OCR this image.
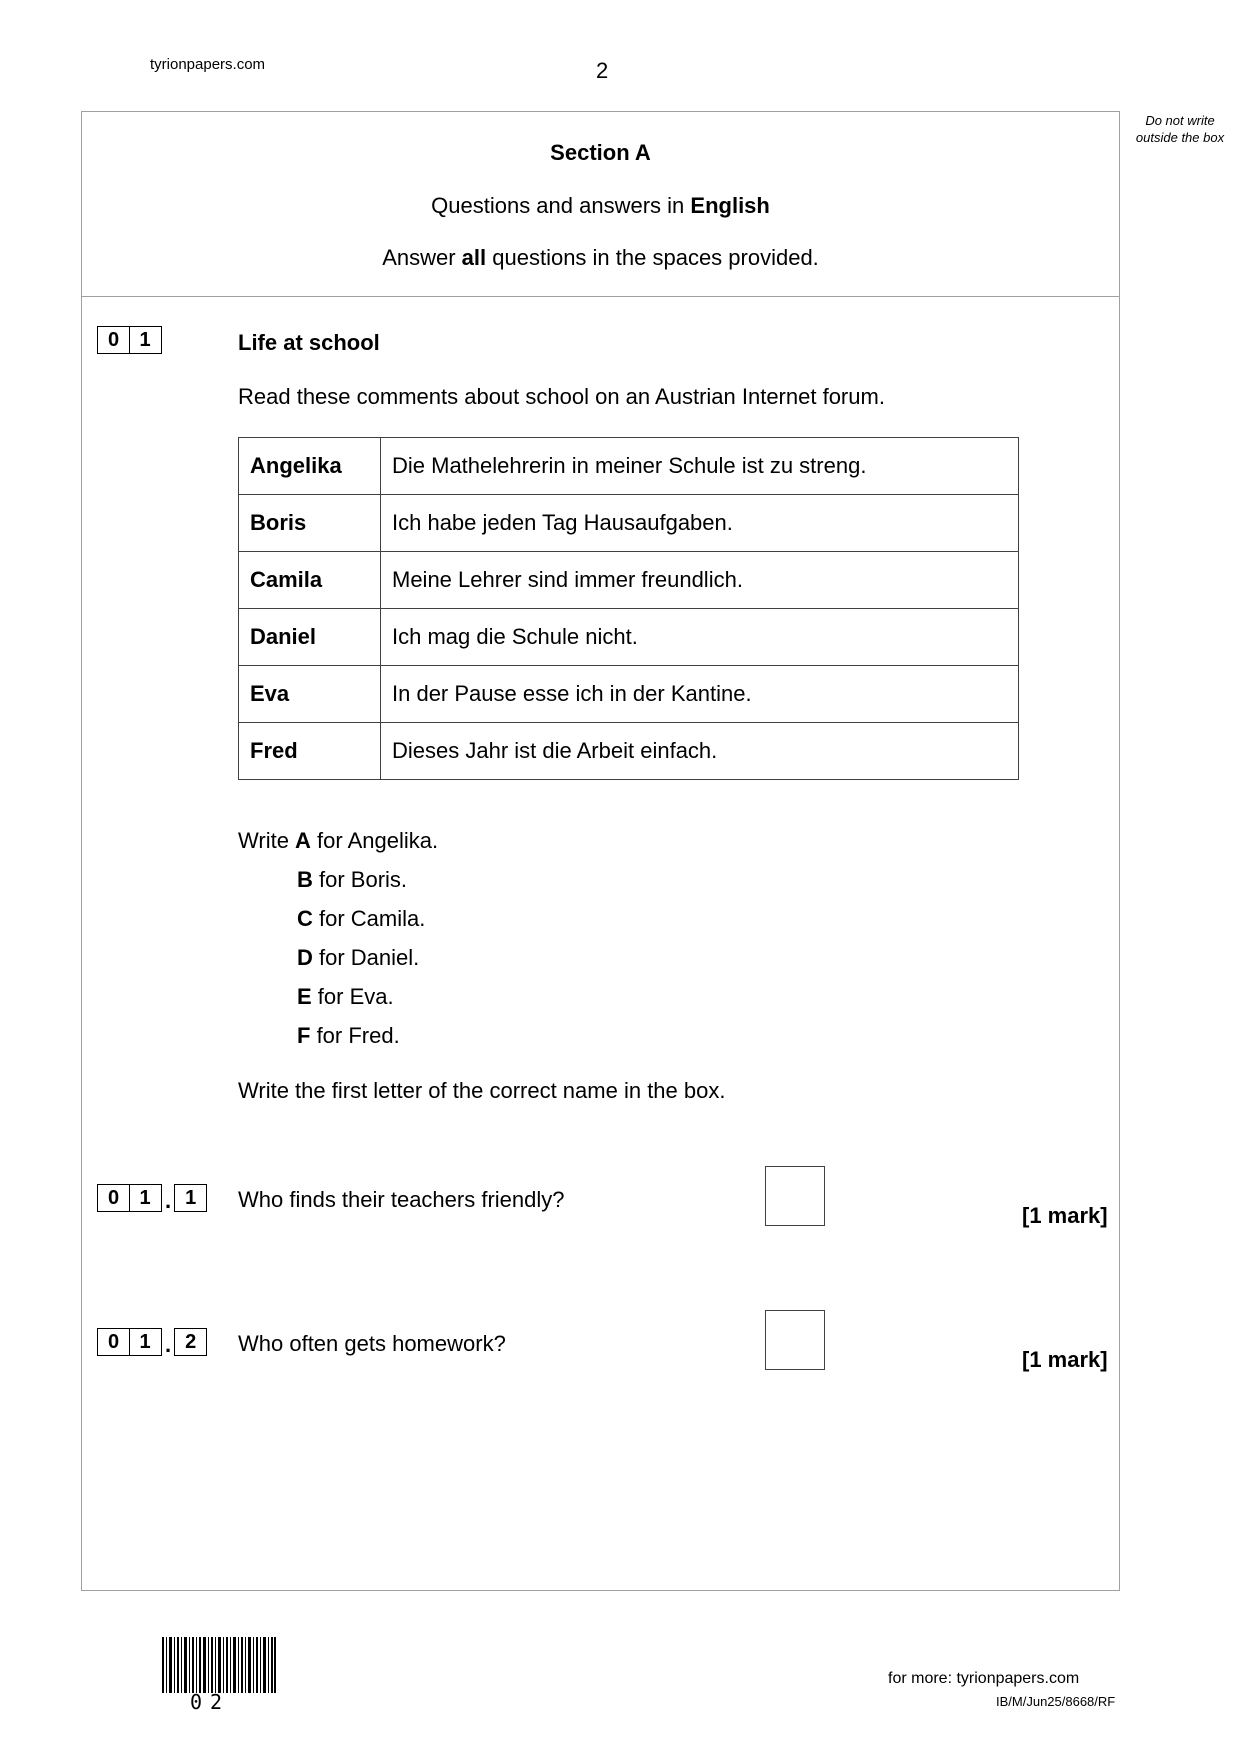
tyrionpapers.com	2
Do not write outside the box
Section A
Questions and answers in English
Answer all questions in the spaces provided.
0	1	Life at school
Read these comments about school on an Austrian Internet forum.
Angelika	Die Mathelehrerin in meiner Schule ist zu streng.
Boris	Ich habe jeden Tag Hausaufgaben.
Camila	Meine Lehrer sind immer freundlich.
Daniel	Ich mag die Schule nicht.
Eva	In der Pause esse ich in der Kantine.
Fred	Dieses Jahr ist die Arbeit einfach.
Write A for Angelika.
B for Boris.
C for Camila.
D for Daniel.
E for Eva.
F for Fred.
Write the first letter of the correct name in the box.
0	1 . 1	Who finds their teachers friendly?
[1 mark]
0	1 . 2	Who often gets homework?
[1 mark]
02
for more: tyrionpapers.com
IB/M/Jun25/8668/RF
